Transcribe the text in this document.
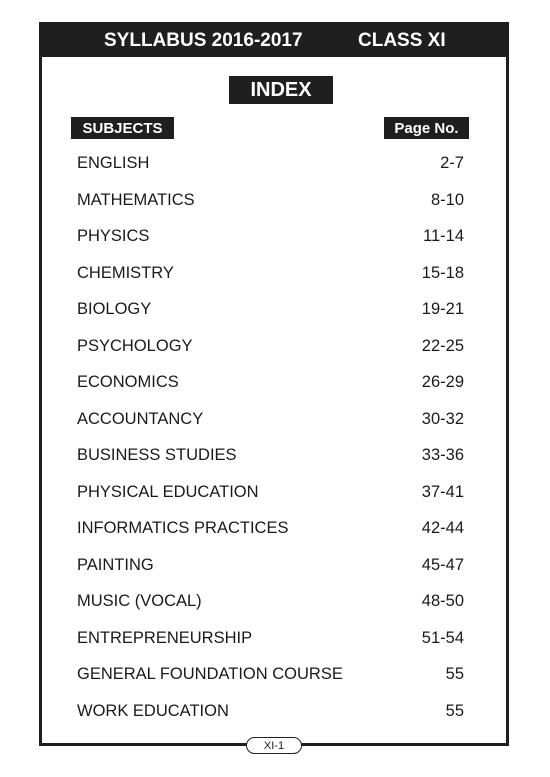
SYLLABUS 2016-2017	CLASS XI
INDEX
SUBJECTS	Page No.
ENGLISH	2-7
MATHEMATICS	8-10
PHYSICS	11-14
CHEMISTRY	15-18
BIOLOGY	19-21
PSYCHOLOGY	22-25
ECONOMICS	26-29
ACCOUNTANCY	30-32
BUSINESS STUDIES	33-36
PHYSICAL EDUCATION	37-41
INFORMATICS PRACTICES	42-44
PAINTING	45-47
MUSIC (VOCAL)	48-50
ENTREPRENEURSHIP	51-54
GENERAL FOUNDATION COURSE	55
WORK EDUCATION	55
XI-1
